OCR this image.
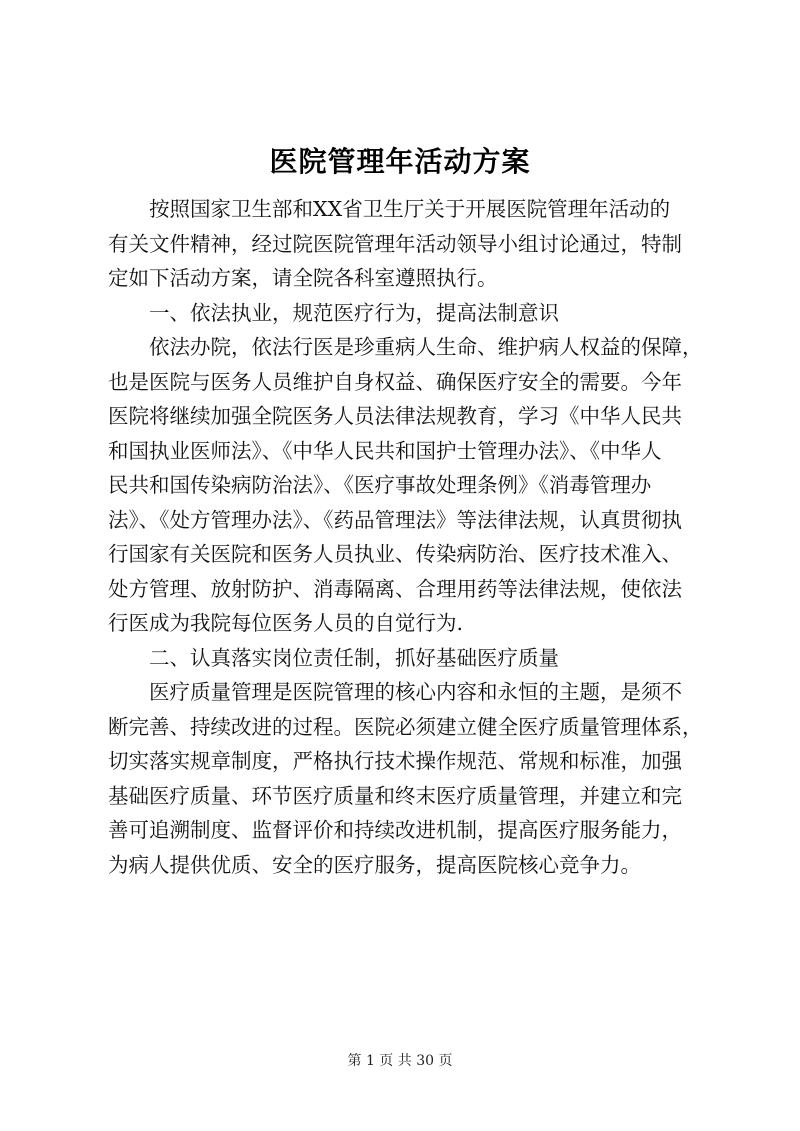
医院管理年活动方案
按照国家卫生部和XX省卫生厅关于开展医院管理年活动的
有关文件精神，经过院医院管理年活动领导小组讨论通过，特制
定如下活动方案，请全院各科室遵照执行。
一、依法执业，规范医疗行为，提高法制意识
依法办院，依法行医是珍重病人生命、维护病人权益的保障，
也是医院与医务人员维护自身权益、确保医疗安全的需要。今年
医院将继续加强全院医务人员法律法规教育，学习《中华人民共
和国执业医师法》、《中华人民共和国护士管理办法》、《中华人
民共和国传染病防治法》、《医疗事故处理条例》《消毒管理办
法》、《处方管理办法》、《药品管理法》等法律法规，认真贯彻执
行国家有关医院和医务人员执业、传染病防治、医疗技术准入、
处方管理、放射防护、消毒隔离、合理用药等法律法规，使依法
行医成为我院每位医务人员的自觉行为.
二、认真落实岗位责任制，抓好基础医疗质量
医疗质量管理是医院管理的核心内容和永恒的主题，是须不
断完善、持续改进的过程。医院必须建立健全医疗质量管理体系，
切实落实规章制度，严格执行技术操作规范、常规和标准，加强
基础医疗质量、环节医疗质量和终末医疗质量管理，并建立和完
善可追溯制度、监督评价和持续改进机制，提高医疗服务能力，
为病人提供优质、安全的医疗服务，提高医院核心竞争力。
第 1 页 共 30 页
